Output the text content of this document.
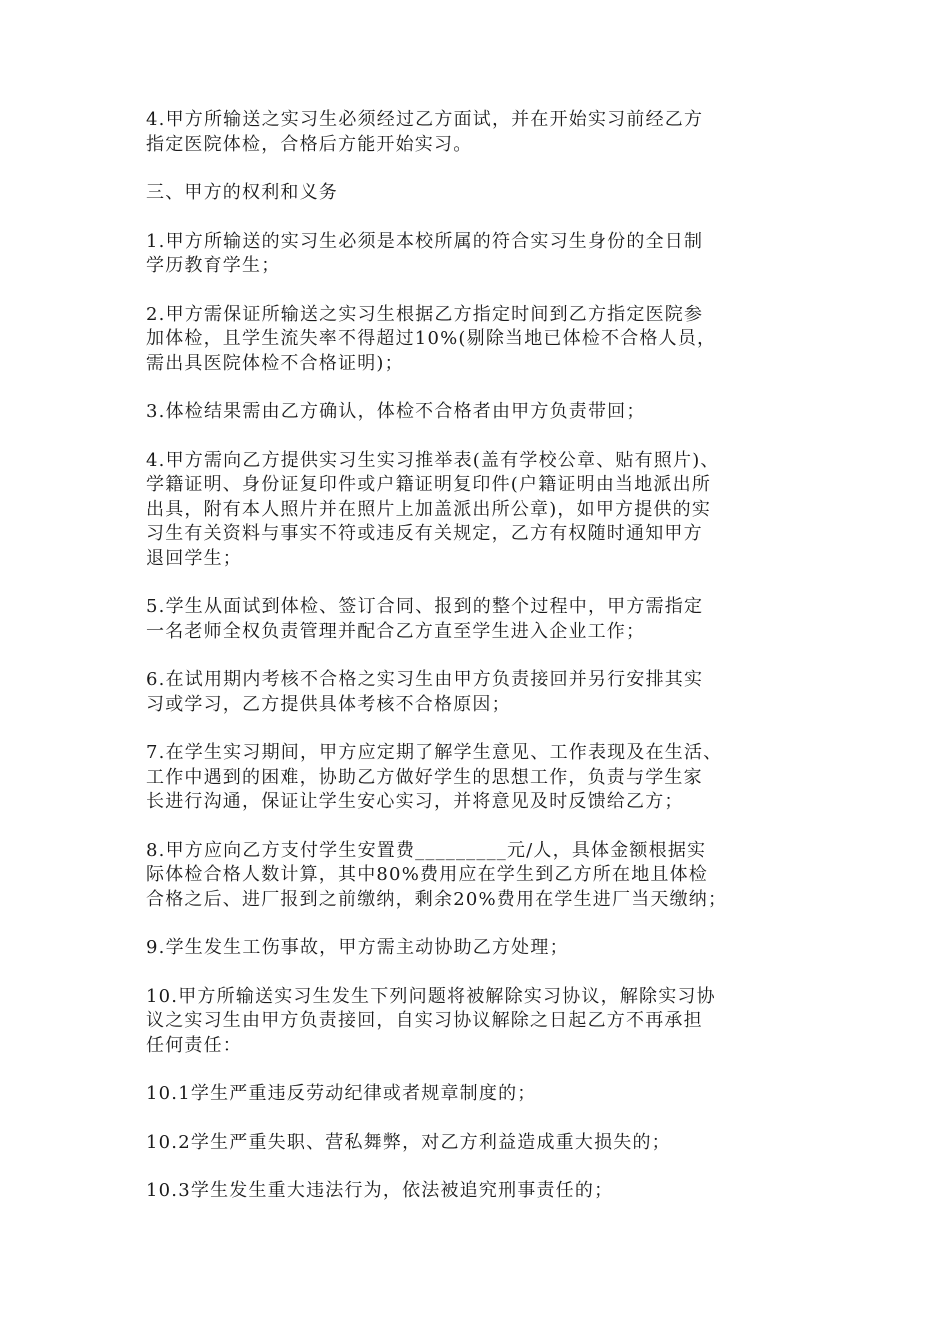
4.甲方所输送之实习生必须经过乙方面试，并在开始实习前经乙方
指定医院体检，合格后方能开始实习。
三、甲方的权利和义务
1.甲方所输送的实习生必须是本校所属的符合实习生身份的全日制
学历教育学生；
2.甲方需保证所输送之实习生根据乙方指定时间到乙方指定医院参
加体检，且学生流失率不得超过10%(剔除当地已体检不合格人员，
需出具医院体检不合格证明)；
3.体检结果需由乙方确认，体检不合格者由甲方负责带回；
4.甲方需向乙方提供实习生实习推举表(盖有学校公章、贴有照片)、
学籍证明、身份证复印件或户籍证明复印件(户籍证明由当地派出所
出具，附有本人照片并在照片上加盖派出所公章)，如甲方提供的实
习生有关资料与事实不符或违反有关规定，乙方有权随时通知甲方
退回学生；
5.学生从面试到体检、签订合同、报到的整个过程中，甲方需指定
一名老师全权负责管理并配合乙方直至学生进入企业工作；
6.在试用期内考核不合格之实习生由甲方负责接回并另行安排其实
习或学习，乙方提供具体考核不合格原因；
7.在学生实习期间，甲方应定期了解学生意见、工作表现及在生活、
工作中遇到的困难，协助乙方做好学生的思想工作，负责与学生家
长进行沟通，保证让学生安心实习，并将意见及时反馈给乙方；
8.甲方应向乙方支付学生安置费_________元/人，具体金额根据实
际体检合格人数计算，其中80%费用应在学生到乙方所在地且体检
合格之后、进厂报到之前缴纳，剩余20%费用在学生进厂当天缴纳；
9.学生发生工伤事故，甲方需主动协助乙方处理；
10.甲方所输送实习生发生下列问题将被解除实习协议，解除实习协
议之实习生由甲方负责接回，自实习协议解除之日起乙方不再承担
任何责任：
10.1学生严重违反劳动纪律或者规章制度的；
10.2学生严重失职、营私舞弊，对乙方利益造成重大损失的；
10.3学生发生重大违法行为，依法被追究刑事责任的；
